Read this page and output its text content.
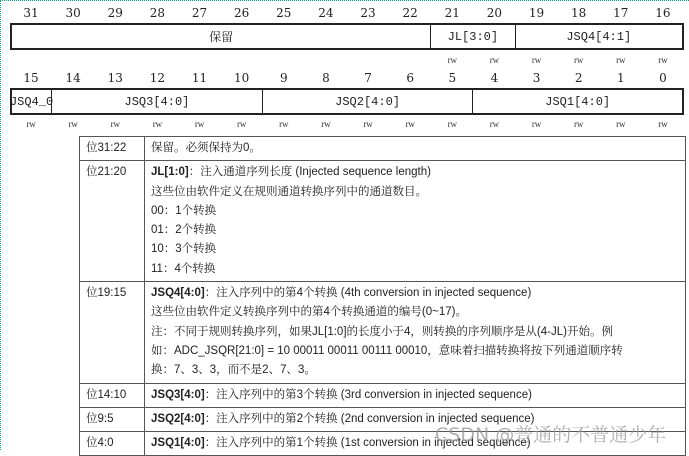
31	30	29	28	27	26	25	24	23	22	21	20	19	18	17	16
保留	JL[3:0]	JSQ4[4:1]
rw	rw	rw	rw	rw	rw
15	14	13	12	11	10	9	8	7	6	5	4	3	2	1	0
JSQ4_0	JSQ3[4:0]	JSQ2[4:0]	JSQ1[4:0]
rw	rw	rw	rw	rw	rw	rw	rw	rw	rw	rw	rw	rw	rw	rw	rw
位31:22	保留。必须保持为0。

位21:20	JL[1:0]：注入通道序列长度 (Injected sequence length)
这些位由软件定义在规则通道转换序列中的通道数目。
00：1个转换
01：2个转换
10：3个转换
11：4个转换

位19:15	JSQ4[4:0]：注入序列中的第4个转换 (4th conversion in injected sequence)
这些位由软件定义转换序列中的第4个转换通道的编号(0~17)。
注：不同于规则转换序列，如果JL[1:0]的长度小于4，则转换的序列顺序是从(4-JL)开始。例
如：ADC_JSQR[21:0] = 10 00011 00011 00111 00010，意味着扫描转换将按下列通道顺序转
换：7、3、3，而不是2、7、3。

位14:10	JSQ3[4:0]：注入序列中的第3个转换 (3rd conversion in injected sequence)

位9:5	JSQ2[4:0]：注入序列中的第2个转换 (2nd conversion in injected sequence)

位4:0	JSQ1[4:0]：注入序列中的第1个转换 (1st conversion in injected sequence)
CSDN @普通的不普通少年
